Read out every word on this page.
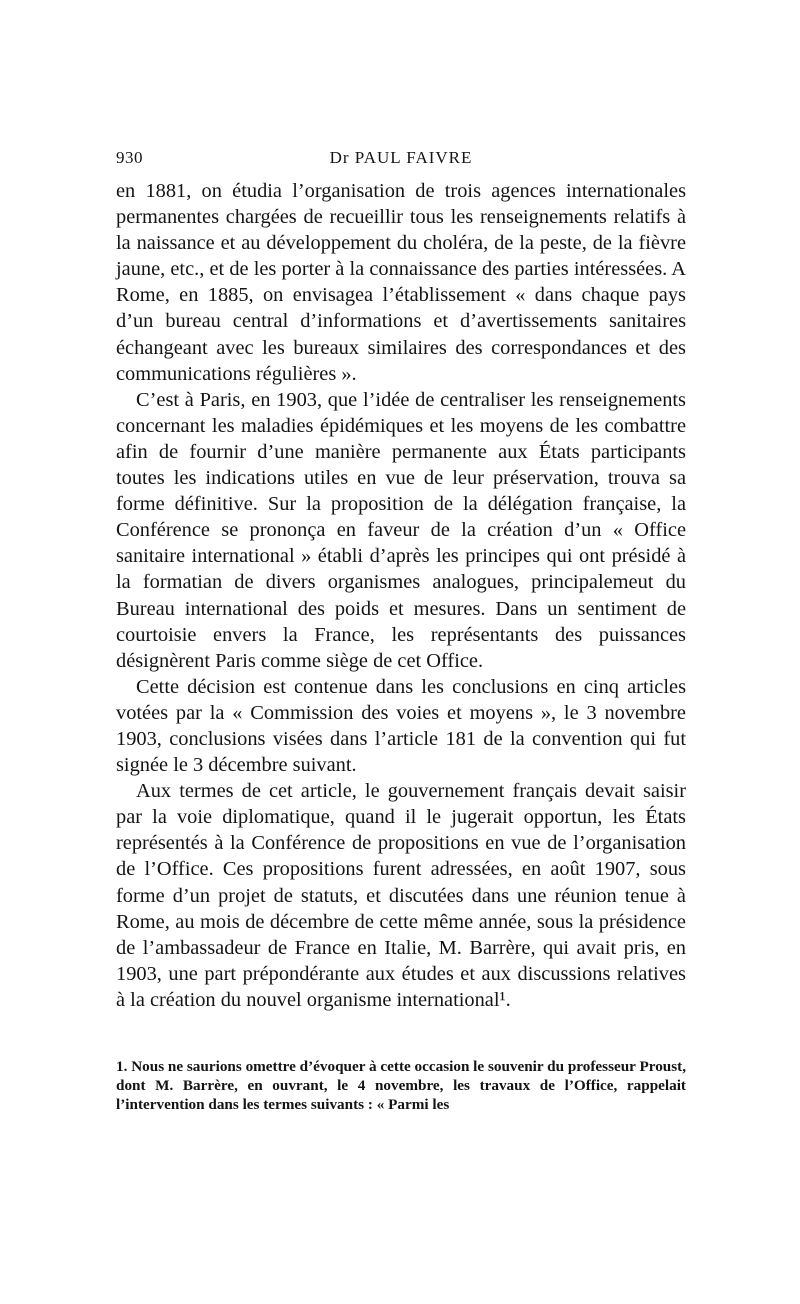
930	Dr PAUL FAIVRE

en 1881, on étudia l’organisation de trois agences internationales permanentes chargées de recueillir tous les renseignements relatifs à la naissance et au développement du choléra, de la peste, de la fièvre jaune, etc., et de les porter à la connaissance des parties intéressées. A Rome, en 1885, on envisagea l’établissement « dans chaque pays d’un bureau central d’informations et d’avertissements sanitaires échangeant avec les bureaux similaires des correspondances et des communications régulières ».

C’est à Paris, en 1903, que l’idée de centraliser les renseignements concernant les maladies épidémiques et les moyens de les combattre afin de fournir d’une manière permanente aux États participants toutes les indications utiles en vue de leur préservation, trouva sa forme définitive. Sur la proposition de la délégation française, la Conférence se prononça en faveur de la création d’un « Office sanitaire international » établi d’après les principes qui ont présidé à la formatian de divers organismes analogues, principalemeut du Bureau international des poids et mesures. Dans un sentiment de courtoisie envers la France, les représentants des puissances désignèrent Paris comme siège de cet Office.

Cette décision est contenue dans les conclusions en cinq articles votées par la « Commission des voies et moyens », le 3 novembre 1903, conclusions visées dans l’article 181 de la convention qui fut signée le 3 décembre suivant.

Aux termes de cet article, le gouvernement français devait saisir par la voie diplomatique, quand il le jugerait opportun, les États représentés à la Conférence de propositions en vue de l’organisation de l’Office. Ces propositions furent adressées, en août 1907, sous forme d’un projet de statuts, et discutées dans une réunion tenue à Rome, au mois de décembre de cette même année, sous la présidence de l’ambassadeur de France en Italie, M. Barrère, qui avait pris, en 1903, une part prépondérante aux études et aux discussions relatives à la création du nouvel organisme international¹.

1. Nous ne saurions omettre d’évoquer à cette occasion le souvenir du professeur Proust, dont M. Barrère, en ouvrant, le 4 novembre, les travaux de l’Office, rappelait l’intervention dans les termes suivants : « Parmi les
